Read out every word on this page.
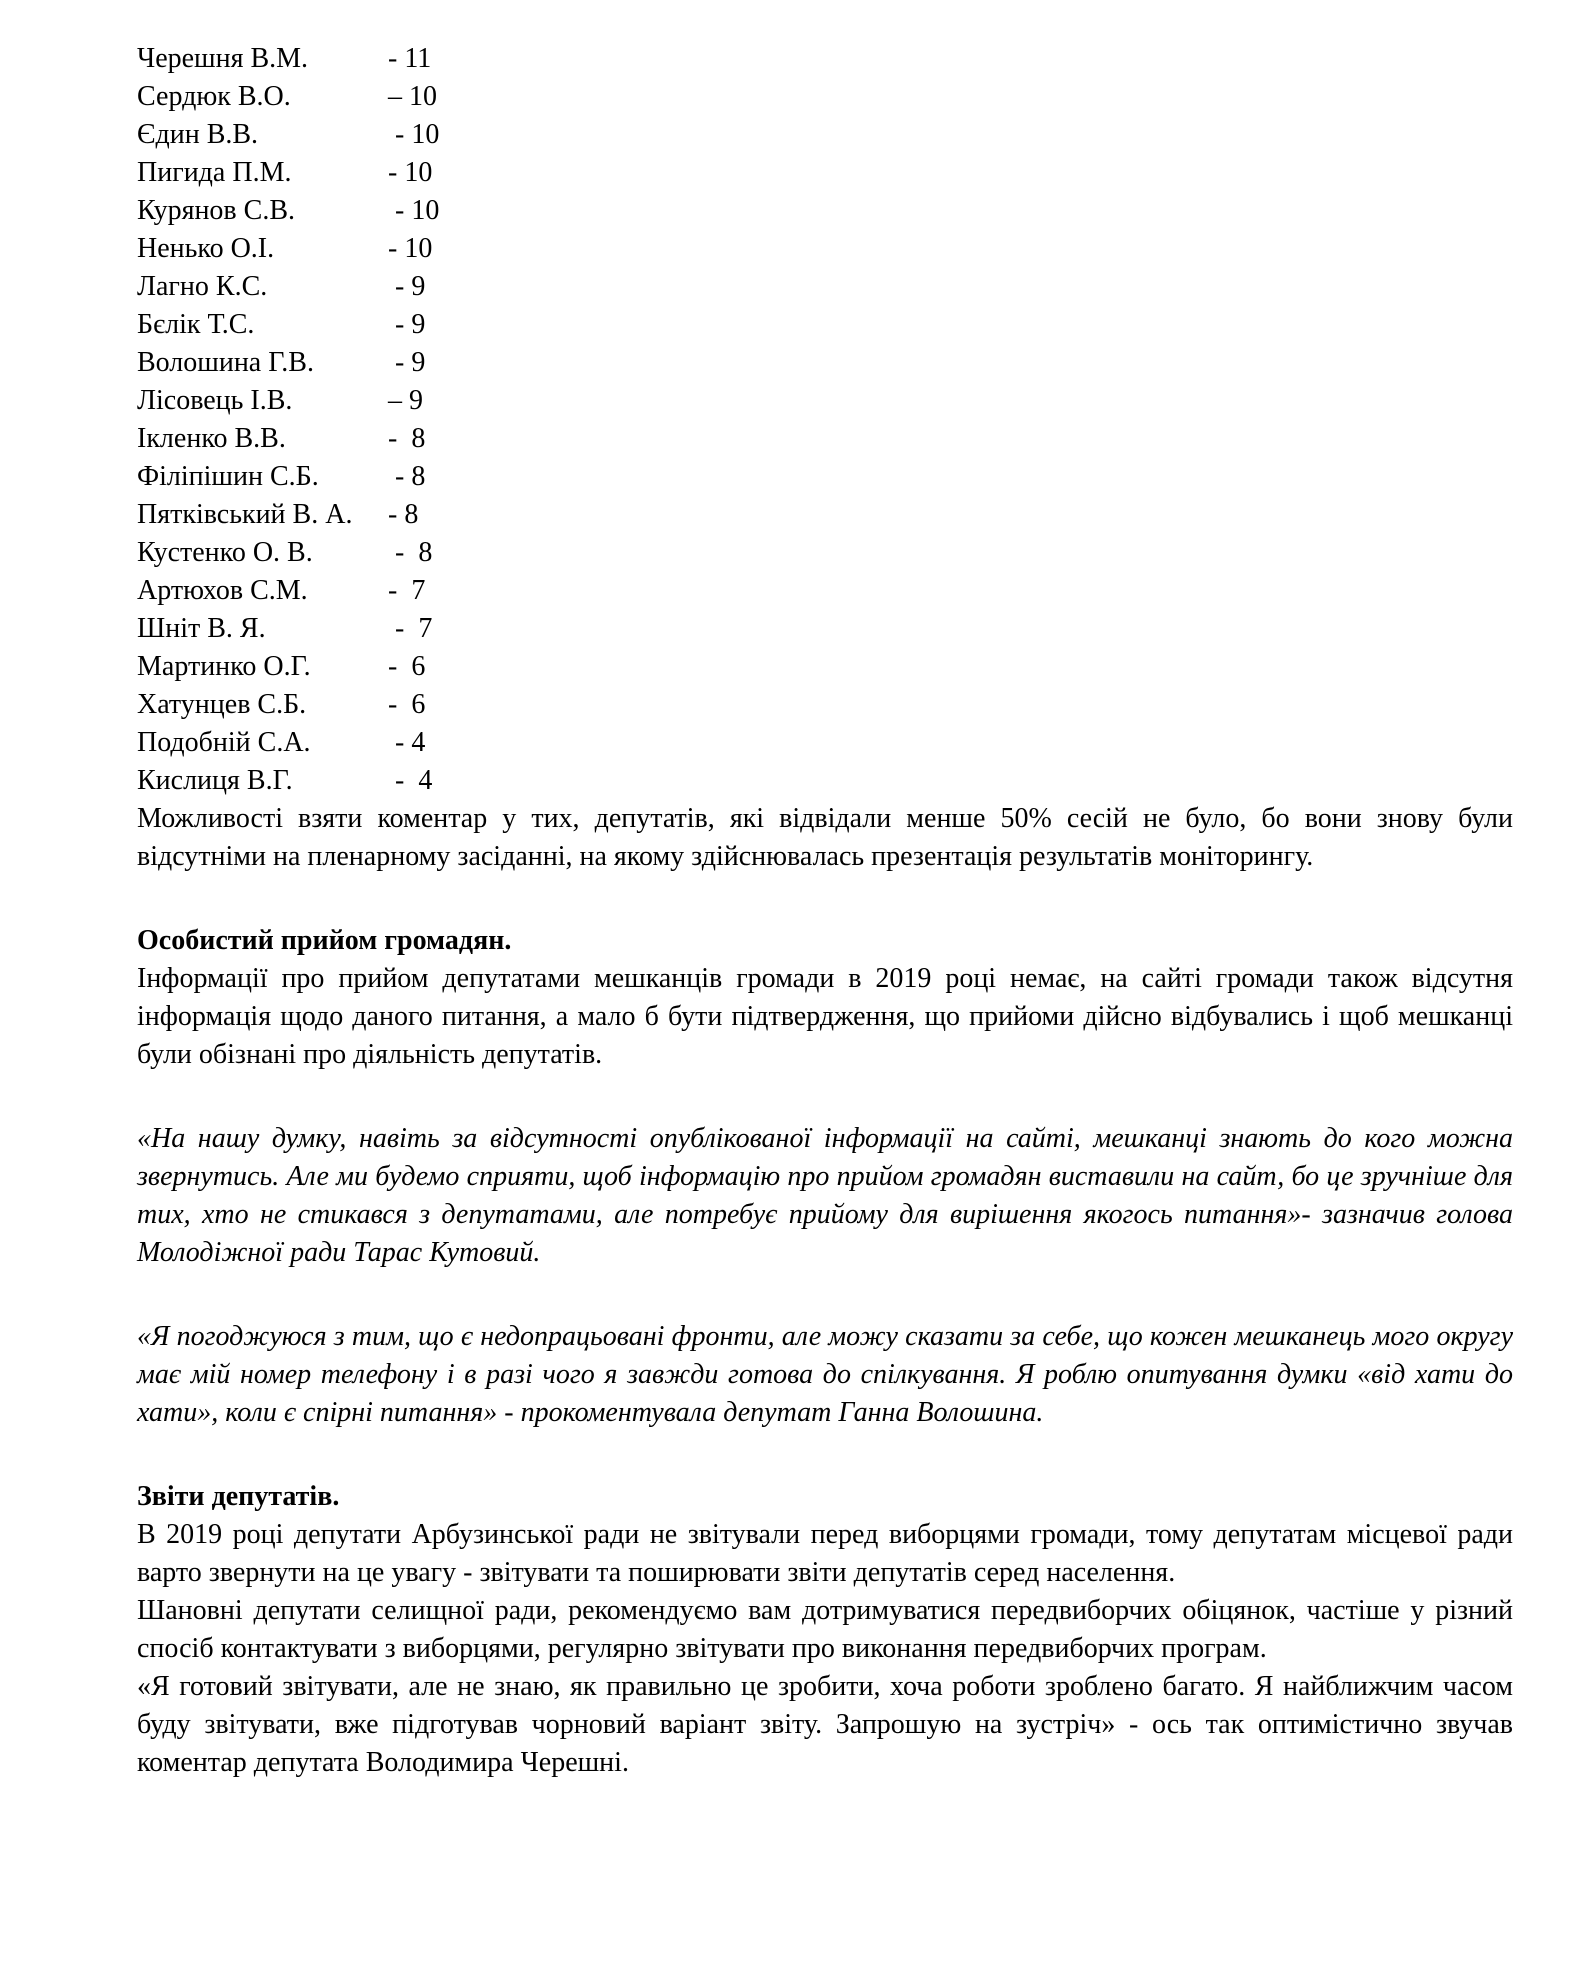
Черешня В.М.	- 11
Сердюк В.О.	– 10
Єдин В.В.	- 10
Пигида П.М.	- 10
Курянов С.В.	- 10
Ненько О.І.	- 10
Лагно К.С.	- 9
Бєлік Т.С.	- 9
Волошина Г.В.	- 9
Лісовець І.В.	– 9
Ікленко В.В.	-  8
Філіпішин С.Б.	- 8
Пятківський В. А.	- 8
Кустенко О. В.	-  8
Артюхов С.М.	-  7
Шніт В. Я.	-  7
Мартинко О.Г.	-  6
Хатунцев С.Б.	-  6
Подобній С.А.	- 4
Кислиця В.Г.	-  4

Можливості взяти коментар у тих, депутатів, які відвідали менше 50% сесій не було, бо вони знову були відсутніми на пленарному засіданні, на якому здійснювалась презентація результатів моніторингу.

Особистий прийом громадян.

Інформації про прийом депутатами мешканців громади в 2019 році немає, на сайті громади також відсутня інформація щодо даного питання, а мало б бути підтвердження, що прийоми дійсно відбувались і щоб мешканці були обізнані про діяльність депутатів.

«На нашу думку, навіть за відсутності опублікованої інформації на сайті, мешканці знають до кого можна звернутись. Але ми будемо сприяти, щоб інформацію про прийом громадян виставили на сайт, бо це зручніше для тих, хто не стикався з депутатами, але потребує прийому для вирішення якогось питання»- зазначив голова Молодіжної ради Тарас Кутовий.

«Я погоджуюся з тим, що є недопрацьовані фронти, але можу сказати за себе, що кожен мешканець мого округу має мій номер телефону і в разі чого я завжди готова до спілкування. Я роблю опитування думки «від хати до хати», коли є спірні питання» - прокоментувала депутат Ганна Волошина.

Звіти депутатів.

В 2019 році депутати Арбузинської ради не звітували перед виборцями громади, тому депутатам місцевої ради варто звернути на це увагу - звітувати та поширювати звіти депутатів серед населення.

Шановні депутати селищної ради, рекомендуємо вам дотримуватися передвиборчих обіцянок, частіше у різний спосіб контактувати з виборцями, регулярно звітувати про виконання передвиборчих програм.

«Я готовий звітувати, але не знаю, як правильно це зробити, хоча роботи зроблено багато. Я найближчим часом буду звітувати, вже підготував чорновий варіант звіту. Запрошую на зустріч» - ось так оптимістично звучав коментар депутата Володимира Черешні.
